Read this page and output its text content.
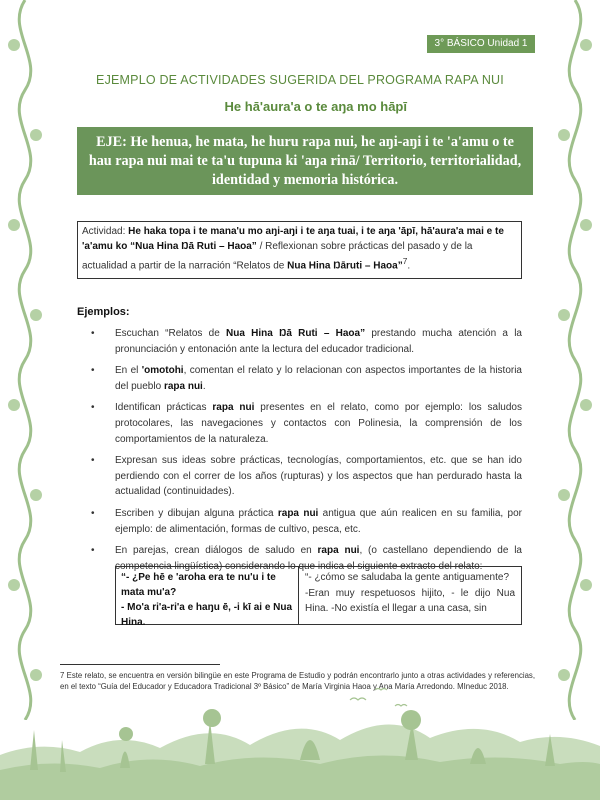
3° BÁSICO Unidad 1
EJEMPLO DE ACTIVIDADES SUGERIDA DEL PROGRAMA RAPA NUI
He hā'aura'a o te aŋa mo hāpī
EJE: He henua, he mata, he huru rapa nui, he aŋi-aŋi i te 'a'amu o te hau rapa nui mai te ta'u tupuna ki 'aŋa rinā/ Territorio, territorialidad, identidad y memoria histórica.
Actividad: He haka topa i te mana'u mo aŋi-aŋi i te aŋa tuai, i te aŋa 'āpī, hā'aura'a mai e te 'a'amu ko “Nua Hina Ŋā Ruti – Haoa” / Reflexionan sobre prácticas del pasado y de la actualidad a partir de la narración “Relatos de Nua Hina Ŋāruti – Haoa”$^7$.
Ejemplos:
• Escuchan “Relatos de Nua Hina Ŋā Ruti – Haoa” prestando mucha atención a la pronunciación y entonación ante la lectura del educador tradicional.
• En el 'omotohi, comentan el relato y lo relacionan con aspectos importantes de la historia del pueblo rapa nui.
• Identifican prácticas rapa nui presentes en el relato, como por ejemplo: los saludos protocolares, las navegaciones y contactos con Polinesia, la comprensión de los comportamientos de la naturaleza.
• Expresan sus ideas sobre prácticas, tecnologías, comportamientos, etc. que se han ido perdiendo con el correr de los años (rupturas) y los aspectos que han perdurado hasta la actualidad (continuidades).
• Escriben y dibujan alguna práctica rapa nui antigua que aún realicen en su familia, por ejemplo: de alimentación, formas de cultivo, pesca, etc.
• En parejas, crean diálogos de saludo en rapa nui, (o castellano dependiendo de la competencia lingüística) considerando lo que indica el siguiente extracto del relato:
“- ¿Pe hē e 'aroha era te nu'u i te mata mu'a?
- Mo'a ri'a-ri'a e haŋu ē, -i kī ai e Nua Hina.
“- ¿cómo se saludaba la gente antiguamente?
-Eran muy respetuosos hijito, - le dijo Nua Hina. -No existía el llegar a una casa, sin
7 Este relato, se encuentra en versión bilingüe en este Programa de Estudio y podrán encontrarlo junto a otras actividades y referencias, en el texto “Guía del Educador y Educadora Tradicional 3º Básico” de María Virginia Haoa y Ana María Arredondo. MIneduc 2018.
